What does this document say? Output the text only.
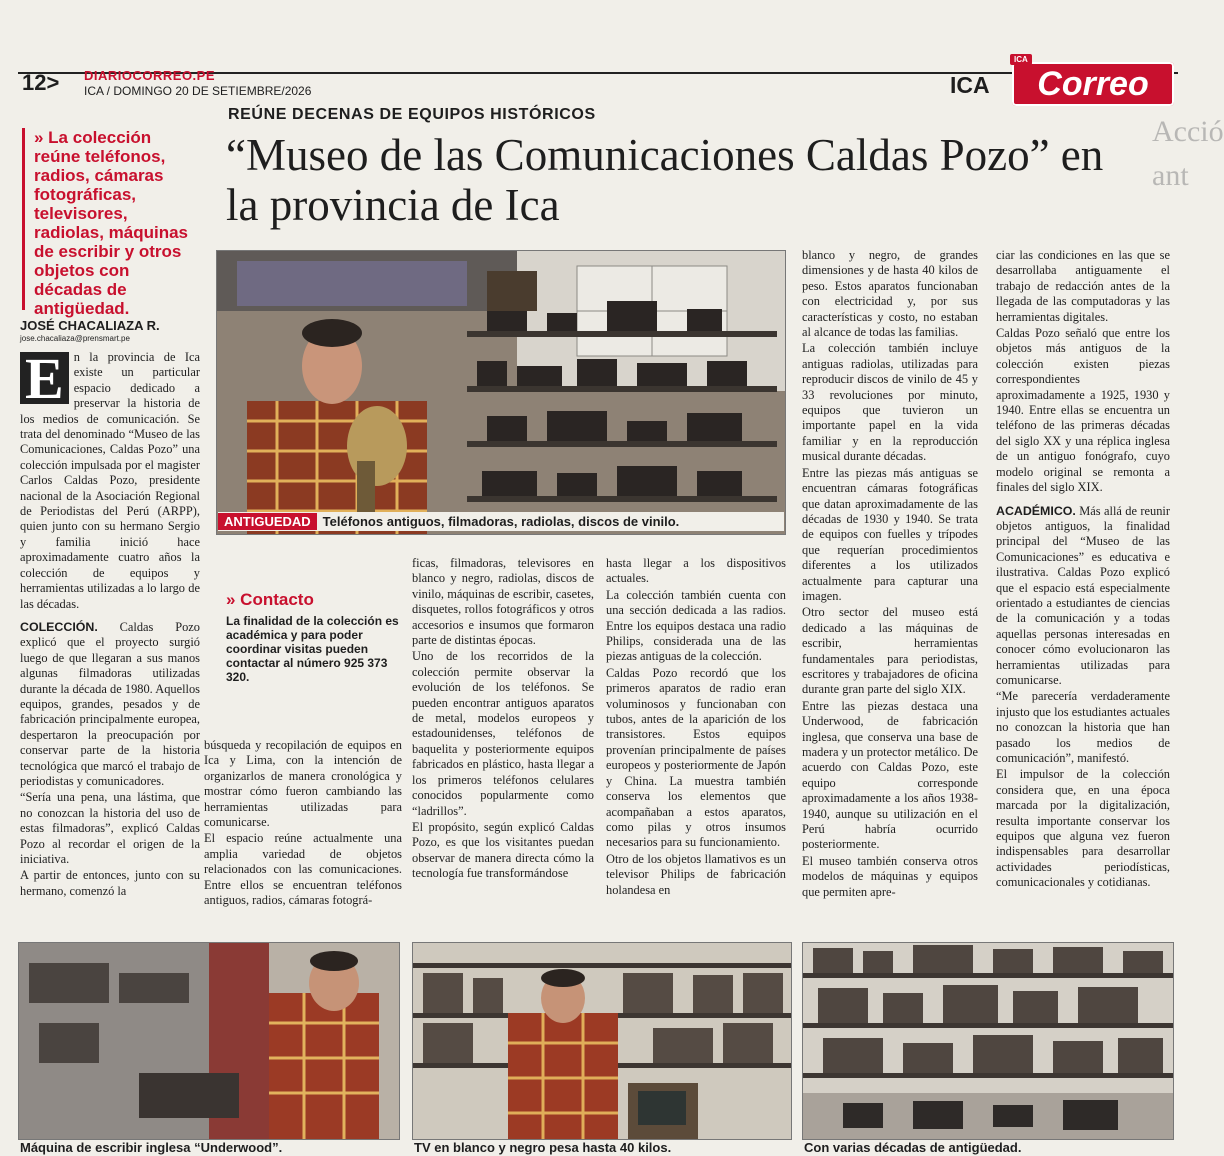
12> DIARIOCORREO.PE
ICA / DOMINGO 20 DE SETIEMBRE/2026	ICA	Correo
ICA
Acció ant
REÚNE DECENAS DE EQUIPOS HISTÓRICOS
“Museo de las Comunicaciones Caldas Pozo” en la provincia de Ica
» La colección reúne teléfonos, radios, cámaras fotográficas, televisores, radiolas, máquinas de escribir y otros objetos con décadas de antigüedad.
JOSÉ CHACALIAZA R.
jose.chacaliaza@prensmart.pe

E n la provincia de Ica existe un particular espacio dedicado a preservar la historia de los medios de comunicación. Se trata del denominado “Museo de las Comunicaciones, Caldas Pozo” una colección impulsada por el magister Carlos Caldas Pozo, presidente nacional de la Asociación Regional de Periodistas del Perú (ARPP), quien junto con su hermano Sergio y familia inició hace aproximadamente cuatro años la colección de equipos y herramientas utilizadas a lo largo de las décadas.

COLECCIÓN. Caldas Pozo explicó que el proyecto surgió luego de que llegaran a sus manos algunas filmadoras utilizadas durante la década de 1980. Aquellos equipos, grandes, pesados y de fabricación principalmente europea, despertaron la preocupación por conservar parte de la historia tecnológica que marcó el trabajo de periodistas y comunicadores.

“Sería una pena, una lástima, que no conozcan la historia del uso de estas filmadoras”, explicó Caldas Pozo al recordar el origen de la iniciativa.

A partir de entonces, junto con su hermano, comenzó la

ANTIGUEDAD Teléfonos antiguos, filmadoras, radiolas, discos de vinilo.
» Contacto
La finalidad de la colección es académica y para poder coordinar visitas pueden contactar al número 925 373 320.

búsqueda y recopilación de equipos en Ica y Lima, con la intención de organizarlos de manera cronológica y mostrar cómo fueron cambiando las herramientas utilizadas para comunicarse.

El espacio reúne actualmente una amplia variedad de objetos relacionados con las comunicaciones. Entre ellos se encuentran teléfonos antiguos, radios, cámaras fotográ-

ficas, filmadoras, televisores en blanco y negro, radiolas, discos de vinilo, máquinas de escribir, casetes, disquetes, rollos fotográficos y otros accesorios e insumos que formaron parte de distintas épocas.

Uno de los recorridos de la colección permite observar la evolución de los teléfonos. Se pueden encontrar antiguos aparatos de metal, modelos europeos y estadounidenses, teléfonos de baquelita y posteriormente equipos fabricados en plástico, hasta llegar a los primeros teléfonos celulares conocidos popularmente como “ladrillos”.

El propósito, según explicó Caldas Pozo, es que los visitantes puedan observar de manera directa cómo la tecnología fue transformándose

hasta llegar a los dispositivos actuales.

La colección también cuenta con una sección dedicada a las radios. Entre los equipos destaca una radio Philips, considerada una de las piezas antiguas de la colección.

Caldas Pozo recordó que los primeros aparatos de radio eran voluminosos y funcionaban con tubos, antes de la aparición de los transistores. Estos equipos provenían principalmente de países europeos y posteriormente de Japón y China. La muestra también conserva los elementos que acompañaban a estos aparatos, como pilas y otros insumos necesarios para su funcionamiento.

Otro de los objetos llamativos es un televisor Philips de fabricación holandesa en

blanco y negro, de grandes dimensiones y de hasta 40 kilos de peso. Estos aparatos funcionaban con electricidad y, por sus características y costo, no estaban al alcance de todas las familias.

La colección también incluye antiguas radiolas, utilizadas para reproducir discos de vinilo de 45 y 33 revoluciones por minuto, equipos que tuvieron un importante papel en la vida familiar y en la reproducción musical durante décadas.

Entre las piezas más antiguas se encuentran cámaras fotográficas que datan aproximadamente de las décadas de 1930 y 1940. Se trata de equipos con fuelles y trípodes que requerían procedimientos diferentes a los utilizados actualmente para capturar una imagen.

Otro sector del museo está dedicado a las máquinas de escribir, herramientas fundamentales para periodistas, escritores y trabajadores de oficina durante gran parte del siglo XIX.

Entre las piezas destaca una Underwood, de fabricación inglesa, que conserva una base de madera y un protector metálico. De acuerdo con Caldas Pozo, este equipo corresponde aproximadamente a los años 1938-1940, aunque su utilización en el Perú habría ocurrido posteriormente.

El museo también conserva otros modelos de máquinas y equipos que permiten apre-

ciar las condiciones en las que se desarrollaba antiguamente el trabajo de redacción antes de la llegada de las computadoras y las herramientas digitales.

Caldas Pozo señaló que entre los objetos más antiguos de la colección existen piezas correspondientes aproximadamente a 1925, 1930 y 1940. Entre ellas se encuentra un teléfono de las primeras décadas del siglo XX y una réplica inglesa de un antiguo fonógrafo, cuyo modelo original se remonta a finales del siglo XIX.

ACADÉMICO. Más allá de reunir objetos antiguos, la finalidad principal del “Museo de las Comunicaciones” es educativa e ilustrativa. Caldas Pozo explicó que el espacio está especialmente orientado a estudiantes de ciencias de la comunicación y a todas aquellas personas interesadas en conocer cómo evolucionaron las herramientas utilizadas para comunicarse.

“Me parecería verdaderamente injusto que los estudiantes actuales no conozcan la historia que han pasado los medios de comunicación”, manifestó.

El impulsor de la colección considera que, en una época marcada por la digitalización, resulta importante conservar los equipos que alguna vez fueron indispensables para desarrollar actividades periodísticas, comunicacionales y cotidianas.

Máquina de escribir inglesa “Underwood”.	TV en blanco y negro pesa hasta 40 kilos.	Con varias décadas de antigüedad.
